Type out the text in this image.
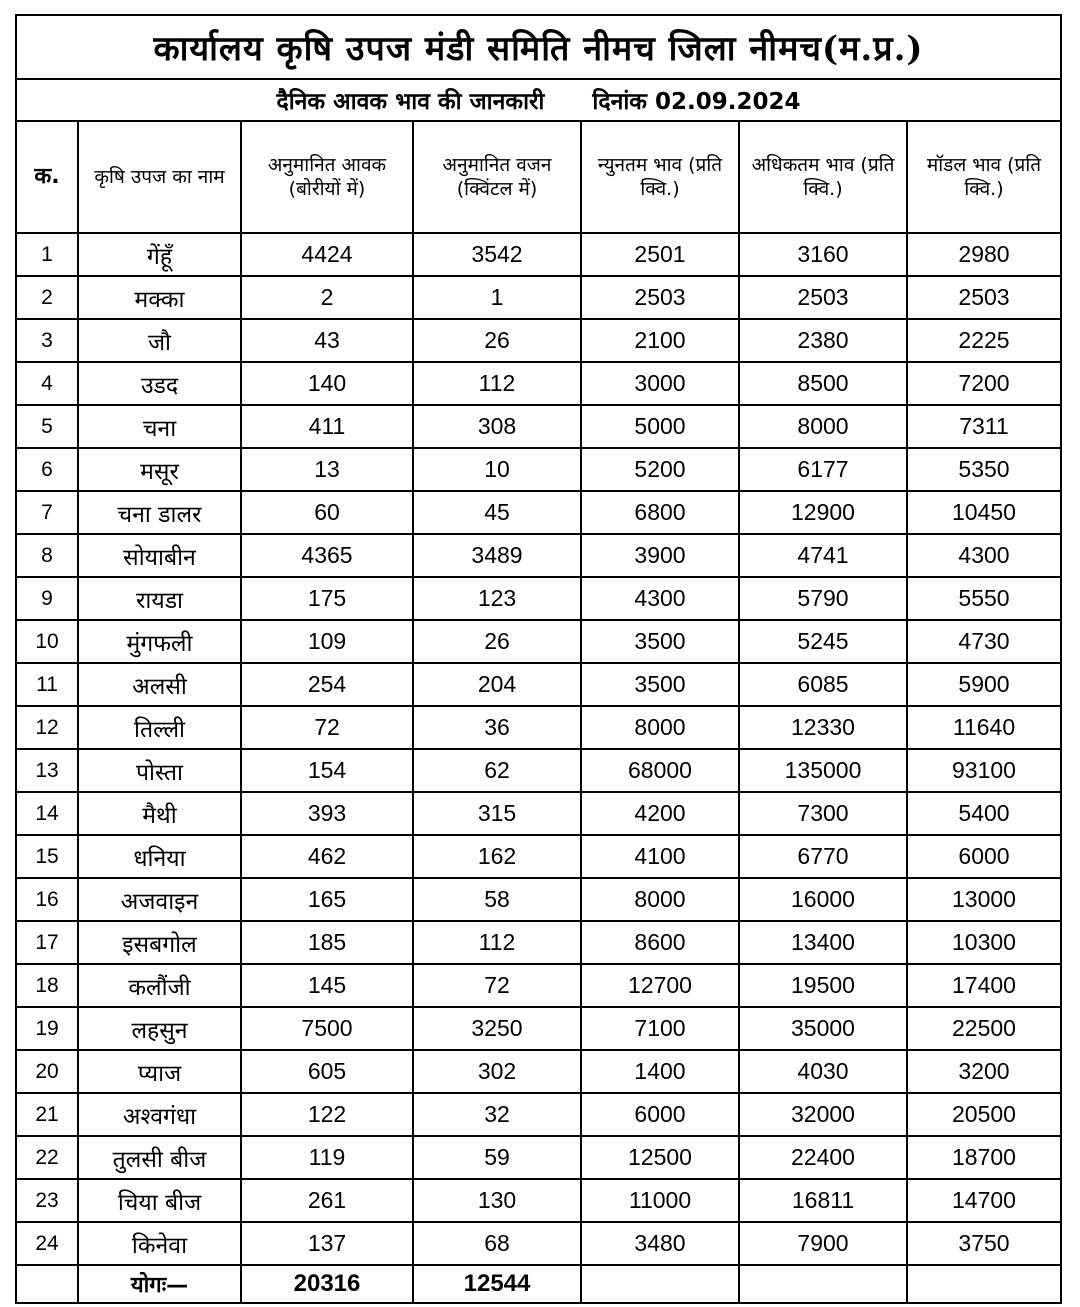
कार्यालय कृषि उपज मंडी समिति नीमच जिला नीमच(म.प्र.)						
दैनिक आवक भाव की जानकारी दिनांक 02.09.2024						
क.	कृषि उपज का नाम	अनुमानित आवक (बोरीयों में)	अनुमानित वजन (क्विंटल में)	न्युनतम भाव (प्रति क्वि.)	अधिकतम भाव (प्रति क्वि.)	मॉडल भाव (प्रति क्वि.)
1	गेंहूँ	4424	3542	2501	3160	2980
2	मक्का	2	1	2503	2503	2503
3	जौ	43	26	2100	2380	2225
4	उडद	140	112	3000	8500	7200
5	चना	411	308	5000	8000	7311
6	मसूर	13	10	5200	6177	5350
7	चना डालर	60	45	6800	12900	10450
8	सोयाबीन	4365	3489	3900	4741	4300
9	रायडा	175	123	4300	5790	5550
10	मुंगफली	109	26	3500	5245	4730
11	अलसी	254	204	3500	6085	5900
12	तिल्ली	72	36	8000	12330	11640
13	पोस्ता	154	62	68000	135000	93100
14	मैथी	393	315	4200	7300	5400
15	धनिया	462	162	4100	6770	6000
16	अजवाइन	165	58	8000	16000	13000
17	इसबगोल	185	112	8600	13400	10300
18	कलौंजी	145	72	12700	19500	17400
19	लहसुन	7500	3250	7100	35000	22500
20	प्याज	605	302	1400	4030	3200
21	अश्वगंधा	122	32	6000	32000	20500
22	तुलसी बीज	119	59	12500	22400	18700
23	चिया बीज	261	130	11000	16811	14700
24	किनेवा	137	68	3480	7900	3750
	योगः—	20316	12544			
